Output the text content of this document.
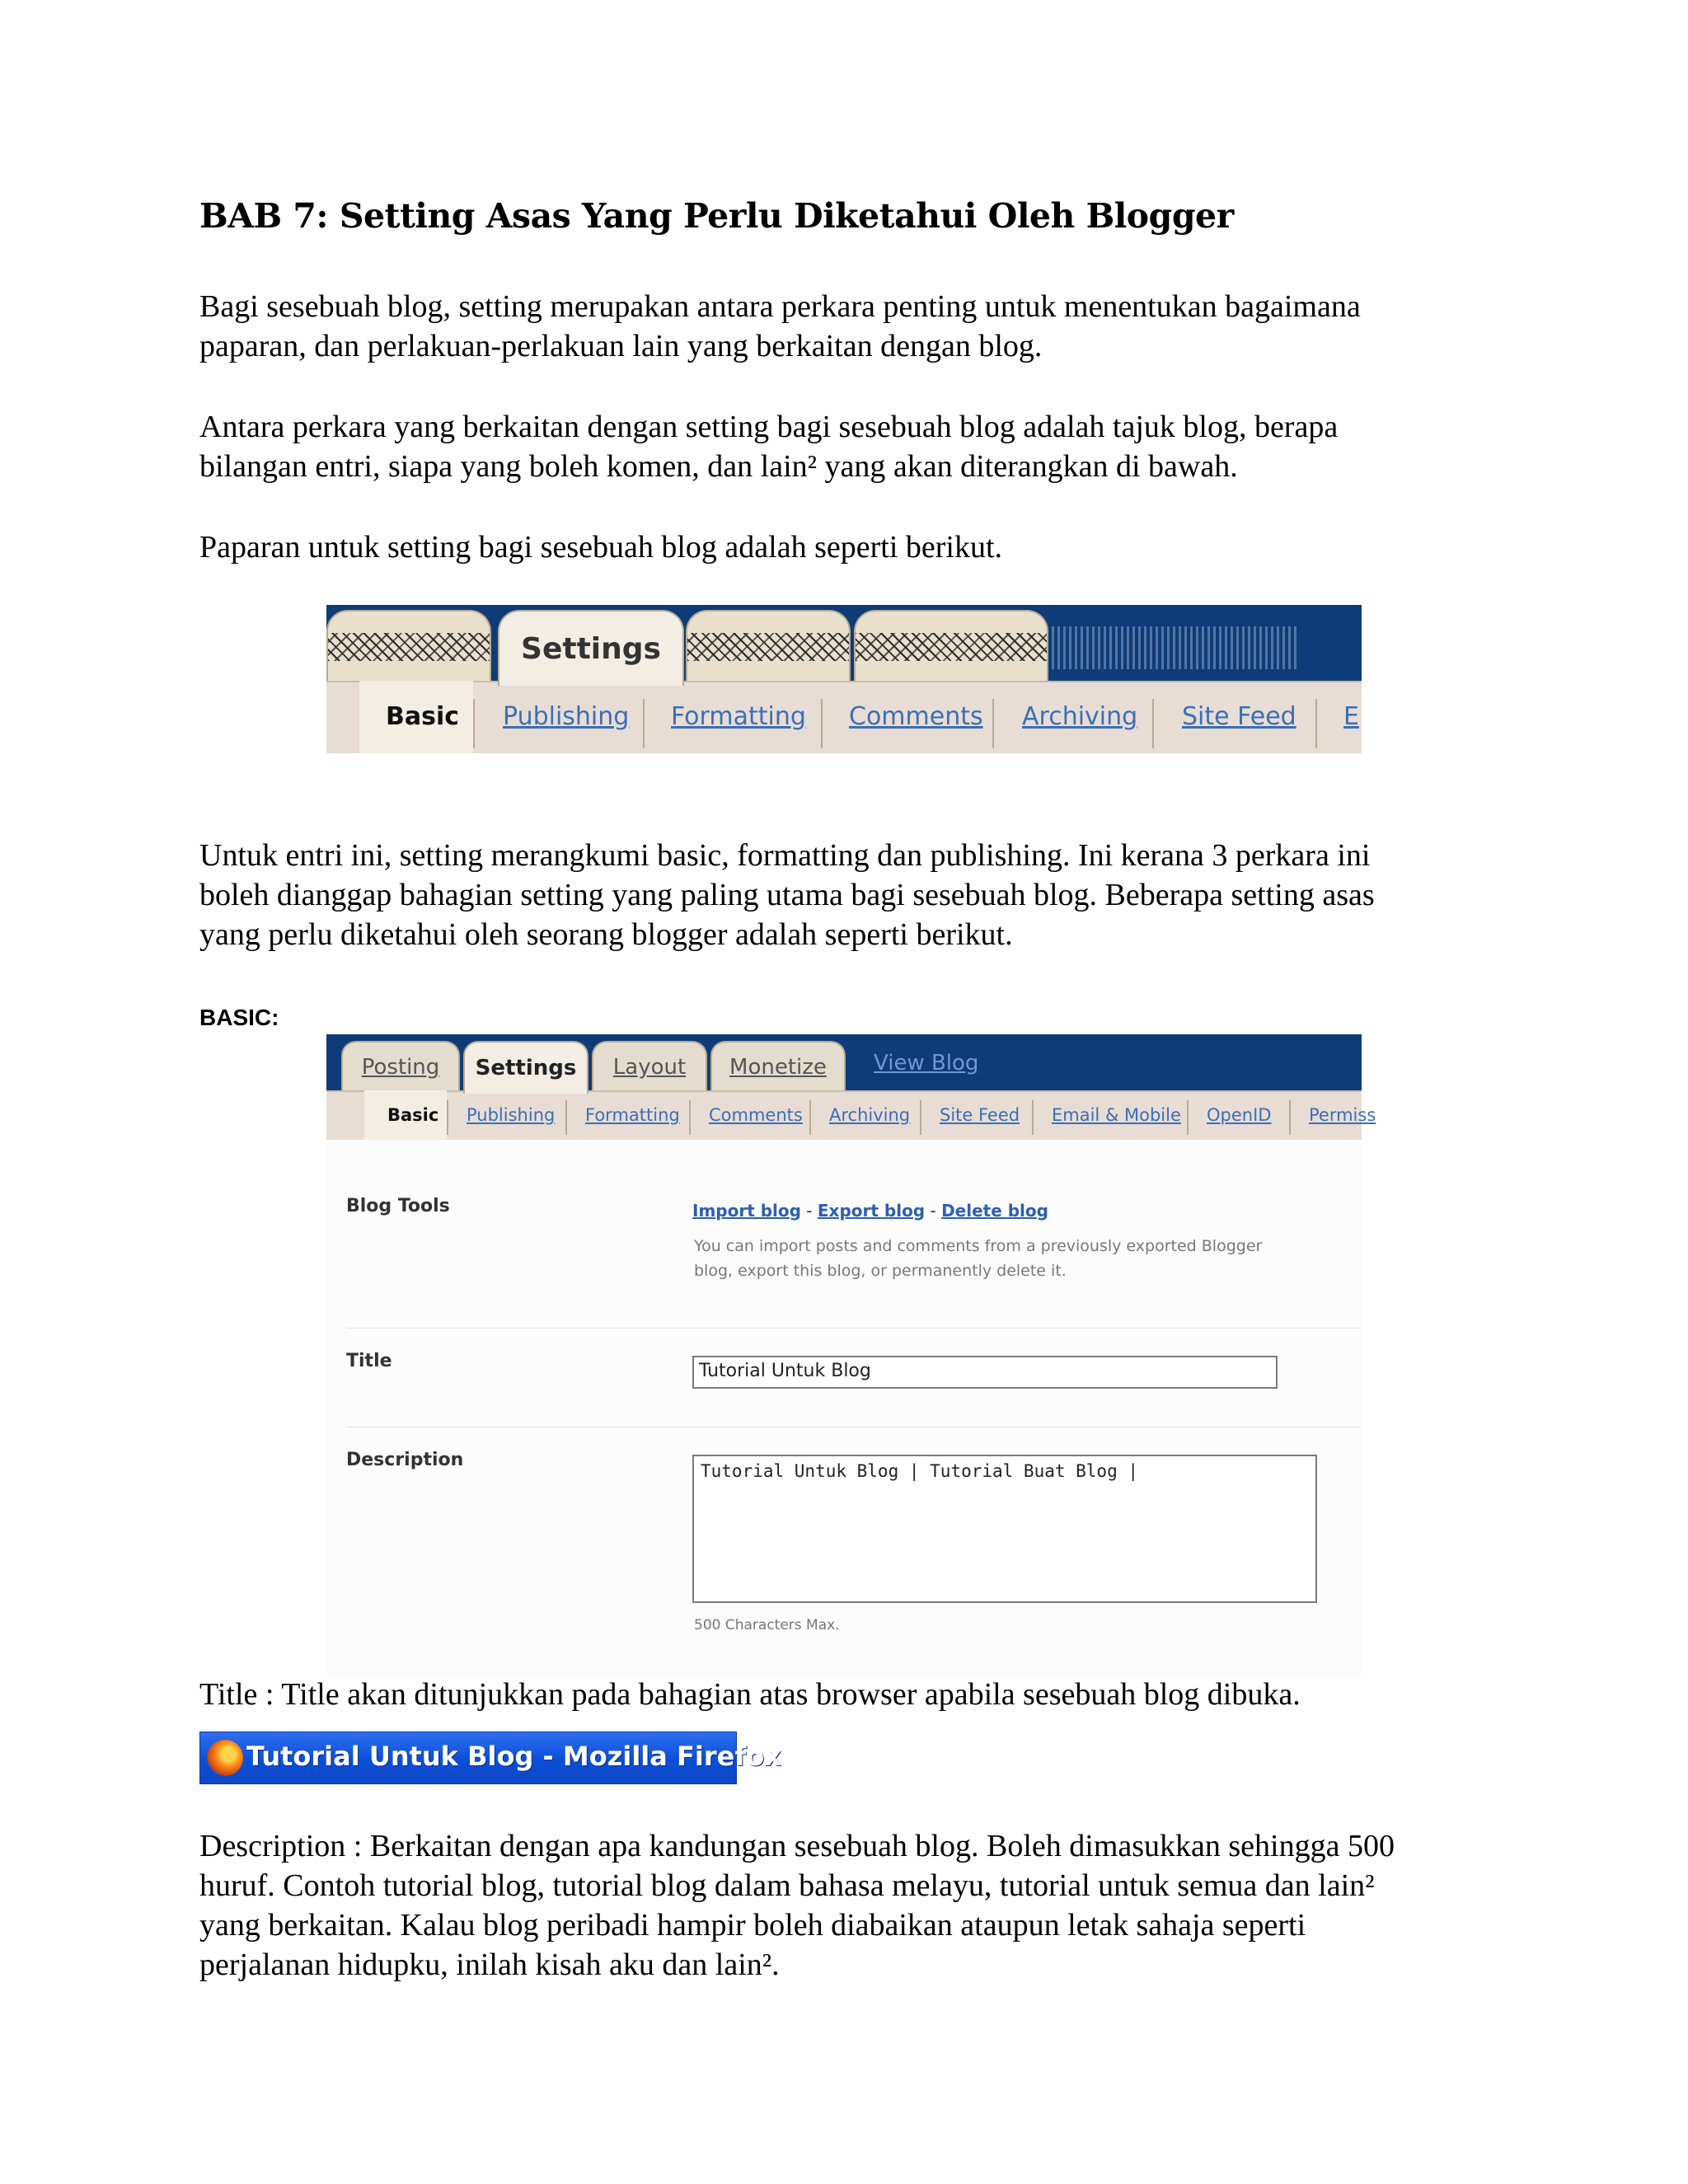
BAB 7: Setting Asas Yang Perlu Diketahui Oleh Blogger
Bagi sesebuah blog, setting merupakan antara perkara penting untuk menentukan bagaimana
paparan, dan perlakuan-perlakuan lain yang berkaitan dengan blog.
Antara perkara yang berkaitan dengan setting bagi sesebuah blog adalah tajuk blog, berapa
bilangan entri, siapa yang boleh komen, dan lain² yang akan diterangkan di bawah.
Paparan untuk setting bagi sesebuah blog adalah seperti berikut.
Settings
Basic Publishing Formatting Comments Archiving Site Feed E
Untuk entri ini, setting merangkumi basic, formatting dan publishing. Ini kerana 3 perkara ini
boleh dianggap bahagian setting yang paling utama bagi sesebuah blog. Beberapa setting asas
yang perlu diketahui oleh seorang blogger adalah seperti berikut.
BASIC:
Posting	Settings	Layout	Monetize	View Blog
Basic Publishing Formatting Comments Archiving Site Feed Email & Mobile OpenID Permiss
Blog Tools	Import blog - Export blog - Delete blog
You can import posts and comments from a previously exported Blogger blog, export this blog, or permanently delete it.
Title	Tutorial Untuk Blog
Description
Tutorial Untuk Blog | Tutorial Buat Blog |
500 Characters Max.
Title : Title akan ditunjukkan pada bahagian atas browser apabila sesebuah blog dibuka.
Tutorial Untuk Blog - Mozilla Firefox
Description : Berkaitan dengan apa kandungan sesebuah blog. Boleh dimasukkan sehingga 500
huruf. Contoh tutorial blog, tutorial blog dalam bahasa melayu, tutorial untuk semua dan lain²
yang berkaitan. Kalau blog peribadi hampir boleh diabaikan ataupun letak sahaja seperti
perjalanan hidupku, inilah kisah aku dan lain².
